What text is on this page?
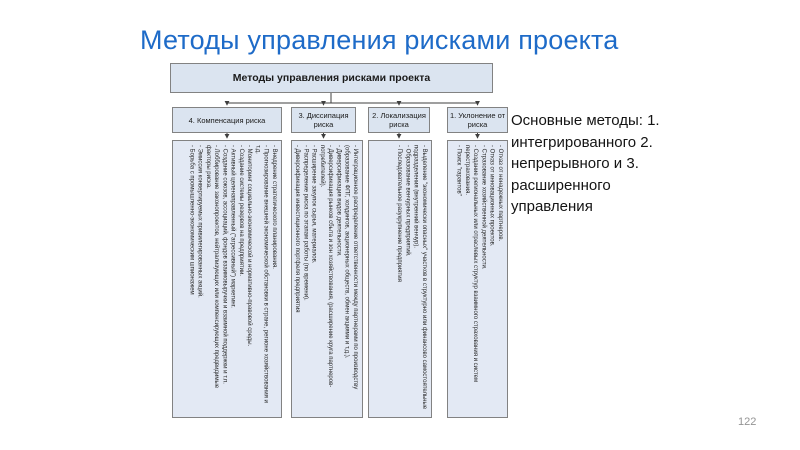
Методы управления рисками проекта
Методы управления рисками проекта
4. Компенсация риска	3. Диссипация риска
2. Локализация риска
1. Уклонение от риска
- Внедрение стратегического планирования.
- Прогнозирование внешней экономической обстановки в стране, регионе хозяйствования и т.д.
- Мониторинг социально-экономической и нормативно-правовой среды.
- Создание системы резервов на предприятии.
- Активный целенаправленный ("агрессивный") маркетинг.
- Создание союзов, ассоциаций, фондов взаимовыручки и взаимной поддержки и т.п.
- Лоббирование законопроектов, нейтрализующих или компенсирующих предвидимые факторы риска.
- Эмиссия конвертируемых привилегированных акций.
- Борьба с промышленно-экономическим шпионажем	- Интеграционное распределение ответственности между партнерами по производству (образование ФПГ, холдингов, акционерных обществ, обмен акциями и т.д.).
- Диверсификация видов деятельности.
- Диверсификация рынков сбыта и зон хозяйствования, (расширение круга партнеров-потребителей).
- Расширение закупок сырья, материалов.
- Распределение риска по этапам работы (по времени).
- Диверсификация инвестиционного портфеля предприятия	- Выделение "экономически опасных" участков в структурно или финансово самостоятельные подразделения (внутренний венчур).
- Образование венчурных предприятий.
- Последовательное разукрупнение предприятия	- Отказ от ненадежных партнеров.
- Отказ от инновационных проектов.
- Страхование хозяйственной деятельности.
- Создание региональных или отраслевых структур взаимного страхования и систем перестрахования.
- Поиск "гарантов"
Основные методы: 1. интегрированного 2. непрерывного и 3. расширенного управления
122
